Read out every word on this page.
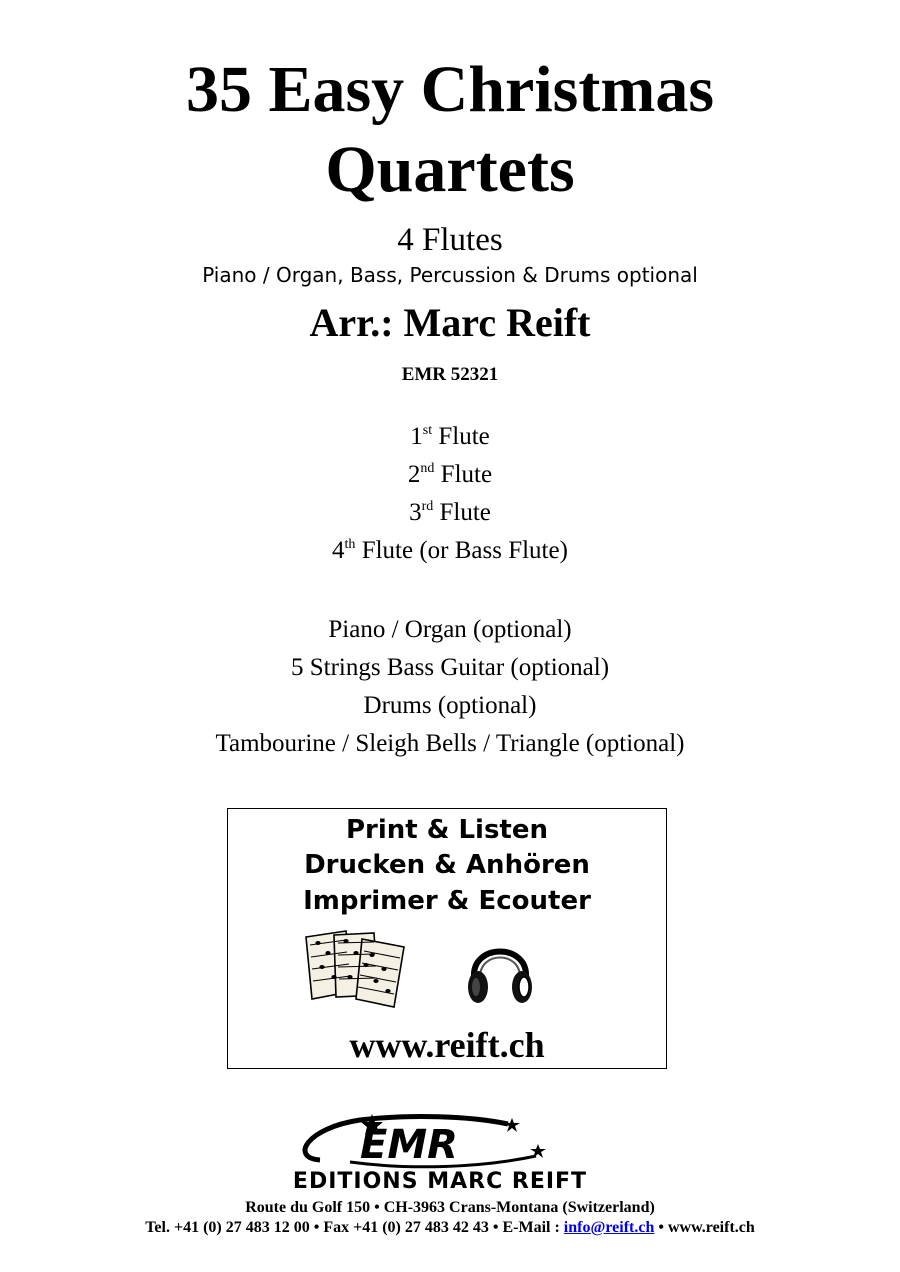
35 Easy Christmas
Quartets
4 Flutes
Piano / Organ, Bass, Percussion & Drums optional
Arr.: Marc Reift
EMR 52321
1st Flute
2nd Flute
3rd Flute
4th Flute (or Bass Flute)
Piano / Organ (optional)
5 Strings Bass Guitar (optional)
Drums (optional)
Tambourine / Sleigh Bells / Triangle (optional)
Print & Listen
Drucken & Anhören
Imprimer & Ecouter
www.reift.ch
EMR
EDITIONS MARC REIFT
Route du Golf 150 • CH-3963 Crans-Montana (Switzerland)
Tel. +41 (0) 27 483 12 00 • Fax +41 (0) 27 483 42 43 • E-Mail : info@reift.ch • www.reift.ch
